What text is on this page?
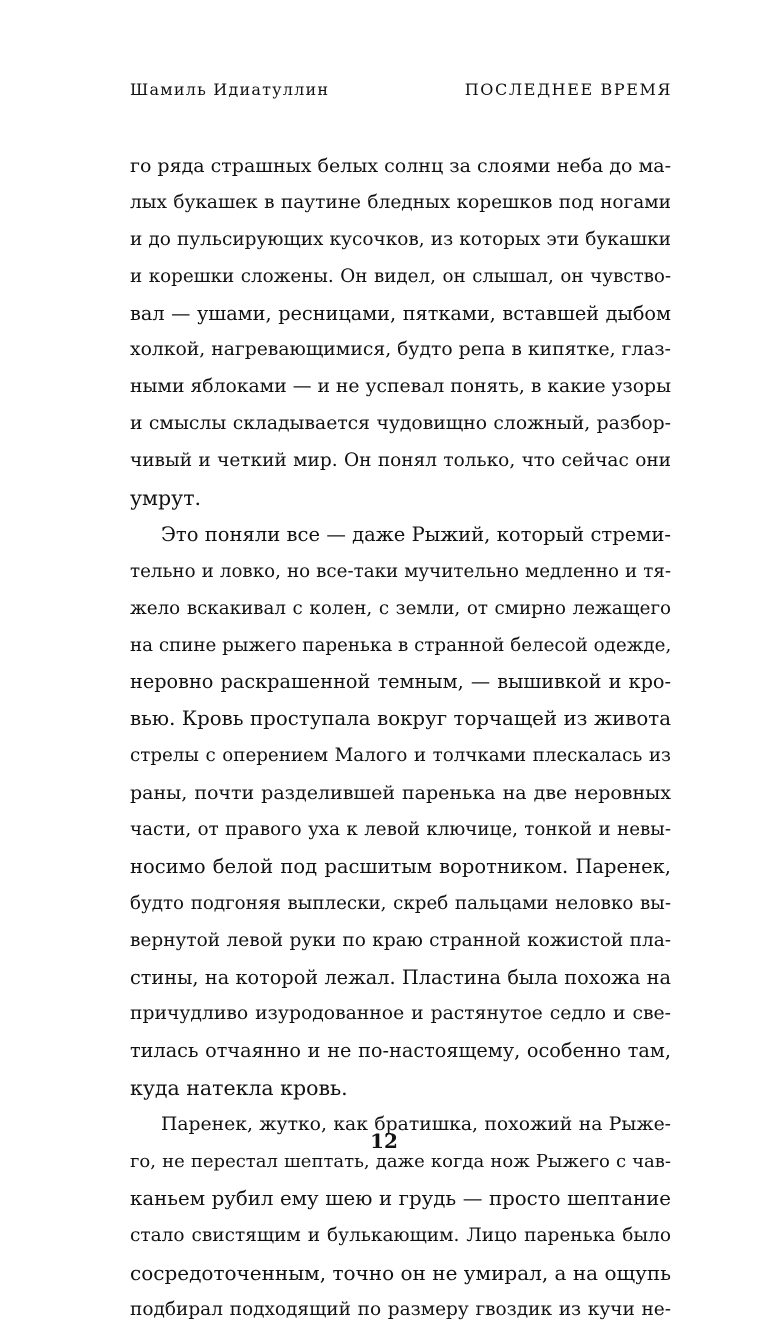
Шамиль Идиатуллин	ПОСЛЕДНЕЕ ВРЕМЯ
го ряда страшных белых солнц за слоями неба до ма-
лых букашек в паутине бледных корешков под ногами
и до пульсирующих кусочков, из которых эти букашки
и корешки сложены. Он видел, он слышал, он чувство-
вал — ушами, ресницами, пятками, вставшей дыбом
холкой, нагревающимися, будто репа в кипятке, глаз-
ными яблоками — и не успевал понять, в какие узоры
и смыслы складывается чудовищно сложный, разбор-
чивый и четкий мир. Он понял только, что сейчас они
умрут.
Это поняли все — даже Рыжий, который стреми-
тельно и ловко, но все-таки мучительно медленно и тя-
жело вскакивал с колен, с земли, от смирно лежащего
на спине рыжего паренька в странной белесой одежде,
неровно раскрашенной темным, — вышивкой и кро-
вью. Кровь проступала вокруг торчащей из живота
стрелы с оперением Малого и толчками плескалась из
раны, почти разделившей паренька на две неровных
части, от правого уха к левой ключице, тонкой и невы-
носимо белой под расшитым воротником. Паренек,
будто подгоняя выплески, скреб пальцами неловко вы-
вернутой левой руки по краю странной кожистой пла-
стины, на которой лежал. Пластина была похожа на
причудливо изуродованное и растянутое седло и све-
тилась отчаянно и не по-настоящему, особенно там,
куда натекла кровь.
Паренек, жутко, как братишка, похожий на Рыже-
го, не перестал шептать, даже когда нож Рыжего с чав-
каньем рубил ему шею и грудь — просто шептание
стало свистящим и булькающим. Лицо паренька было
сосредоточенным, точно он не умирал, а на ощупь
подбирал подходящий по размеру гвоздик из кучи не-
12
